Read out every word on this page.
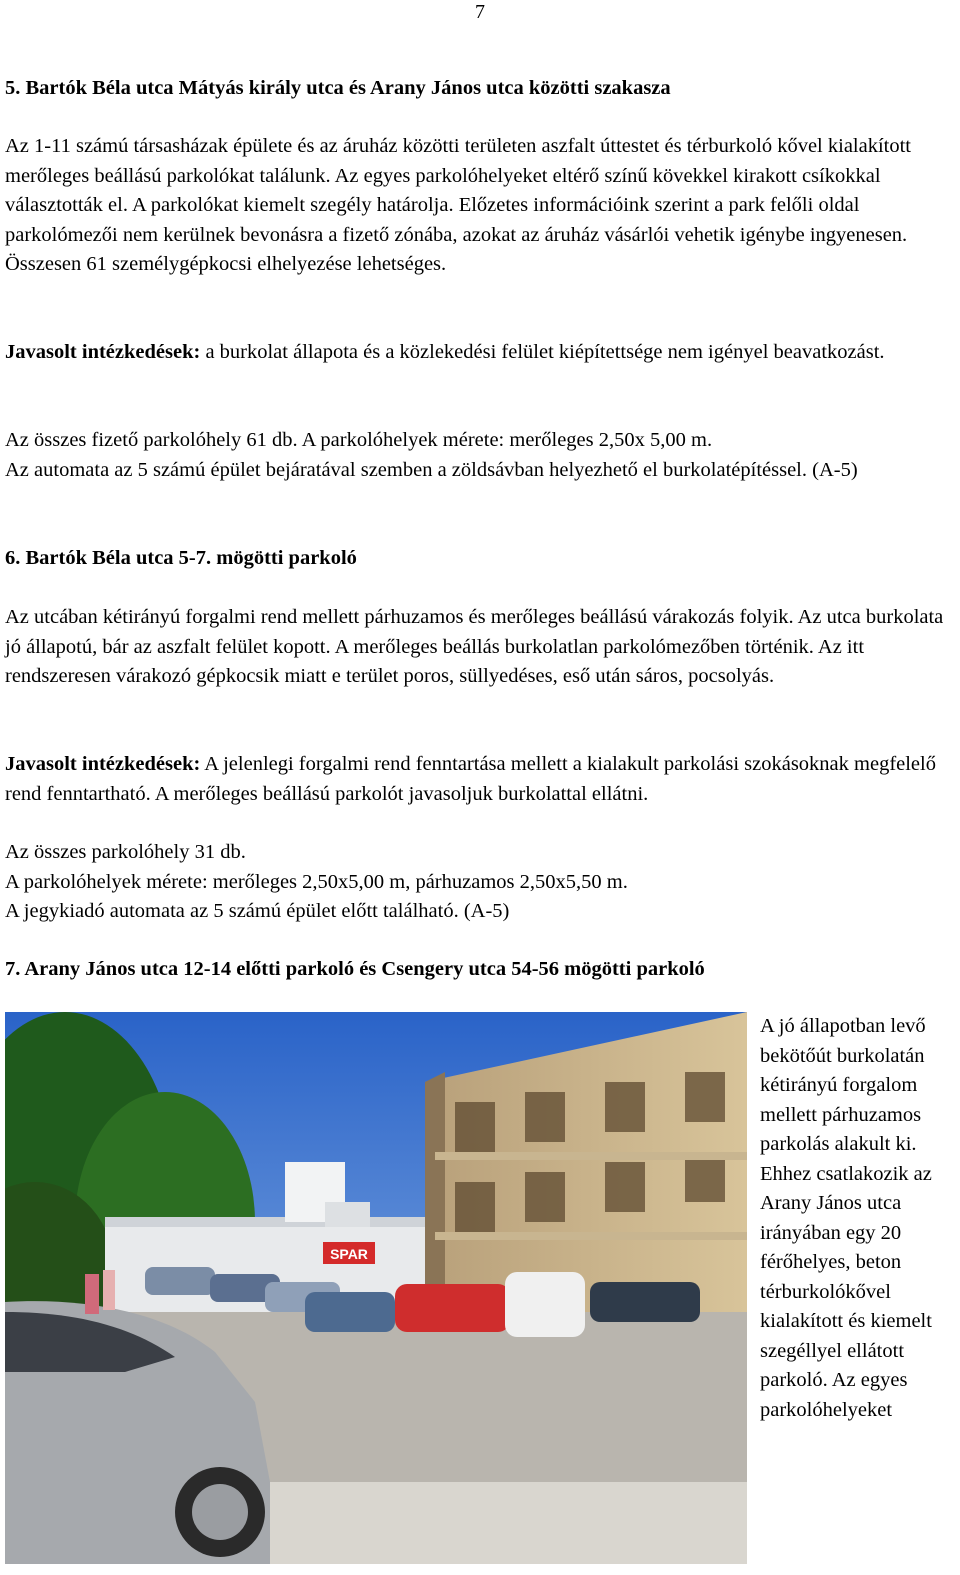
7
5. Bartók Béla utca Mátyás király utca és Arany János utca közötti szakasza

Az 1-11 számú társasházak épülete és az áruház közötti területen aszfalt úttestet és térburkoló kővel kialakított merőleges beállású parkolókat találunk. Az egyes parkolóhelyeket eltérő színű kövekkel kirakott csíkokkal választották el. A parkolókat kiemelt szegély határolja. Előzetes információink szerint a park felőli oldal parkolómezői nem kerülnek bevonásra a fizető zónába, azokat az áruház vásárlói vehetik igénybe ingyenesen. Összesen 61 személygépkocsi elhelyezése lehetséges.

Javasolt intézkedések: a burkolat állapota és a közlekedési felület kiépítettsége nem igényel beavatkozást.

Az összes fizető parkolóhely 61 db. A parkolóhelyek mérete: merőleges 2,50x 5,00 m.
Az automata az 5 számú épület bejáratával szemben a zöldsávban helyezhető el burkolatépítéssel. (A-5)
6. Bartók Béla utca 5-7. mögötti parkoló

Az utcában kétirányú forgalmi rend mellett párhuzamos és merőleges beállású várakozás folyik. Az utca burkolata jó állapotú, bár az aszfalt felület kopott. A merőleges beállás burkolatlan parkolómezőben történik. Az itt rendszeresen várakozó gépkocsik miatt e terület poros, süllyedéses, eső után sáros, pocsolyás.

Javasolt intézkedések: A jelenlegi forgalmi rend fenntartása mellett a kialakult parkolási szokásoknak megfelelő rend fenntartható. A merőleges beállású parkolót javasoljuk burkolattal ellátni.

Az összes parkolóhely 31 db.
A parkolóhelyek mérete: merőleges 2,50x5,00 m, párhuzamos 2,50x5,50 m.
A jegykiadó automata az 5 számú épület előtt található. (A-5)
7. Arany János utca 12-14 előtti parkoló és Csengery utca 54-56 mögötti parkoló
SPAR
A jó állapotban levő bekötőút burkolatán kétirányú forgalom mellett párhuzamos parkolás alakult ki. Ehhez csatlakozik az Arany János utca irányában egy 20 férőhelyes, beton térburkolókővel kialakított és kiemelt szegéllyel ellátott parkoló. Az egyes parkolóhelyeket
